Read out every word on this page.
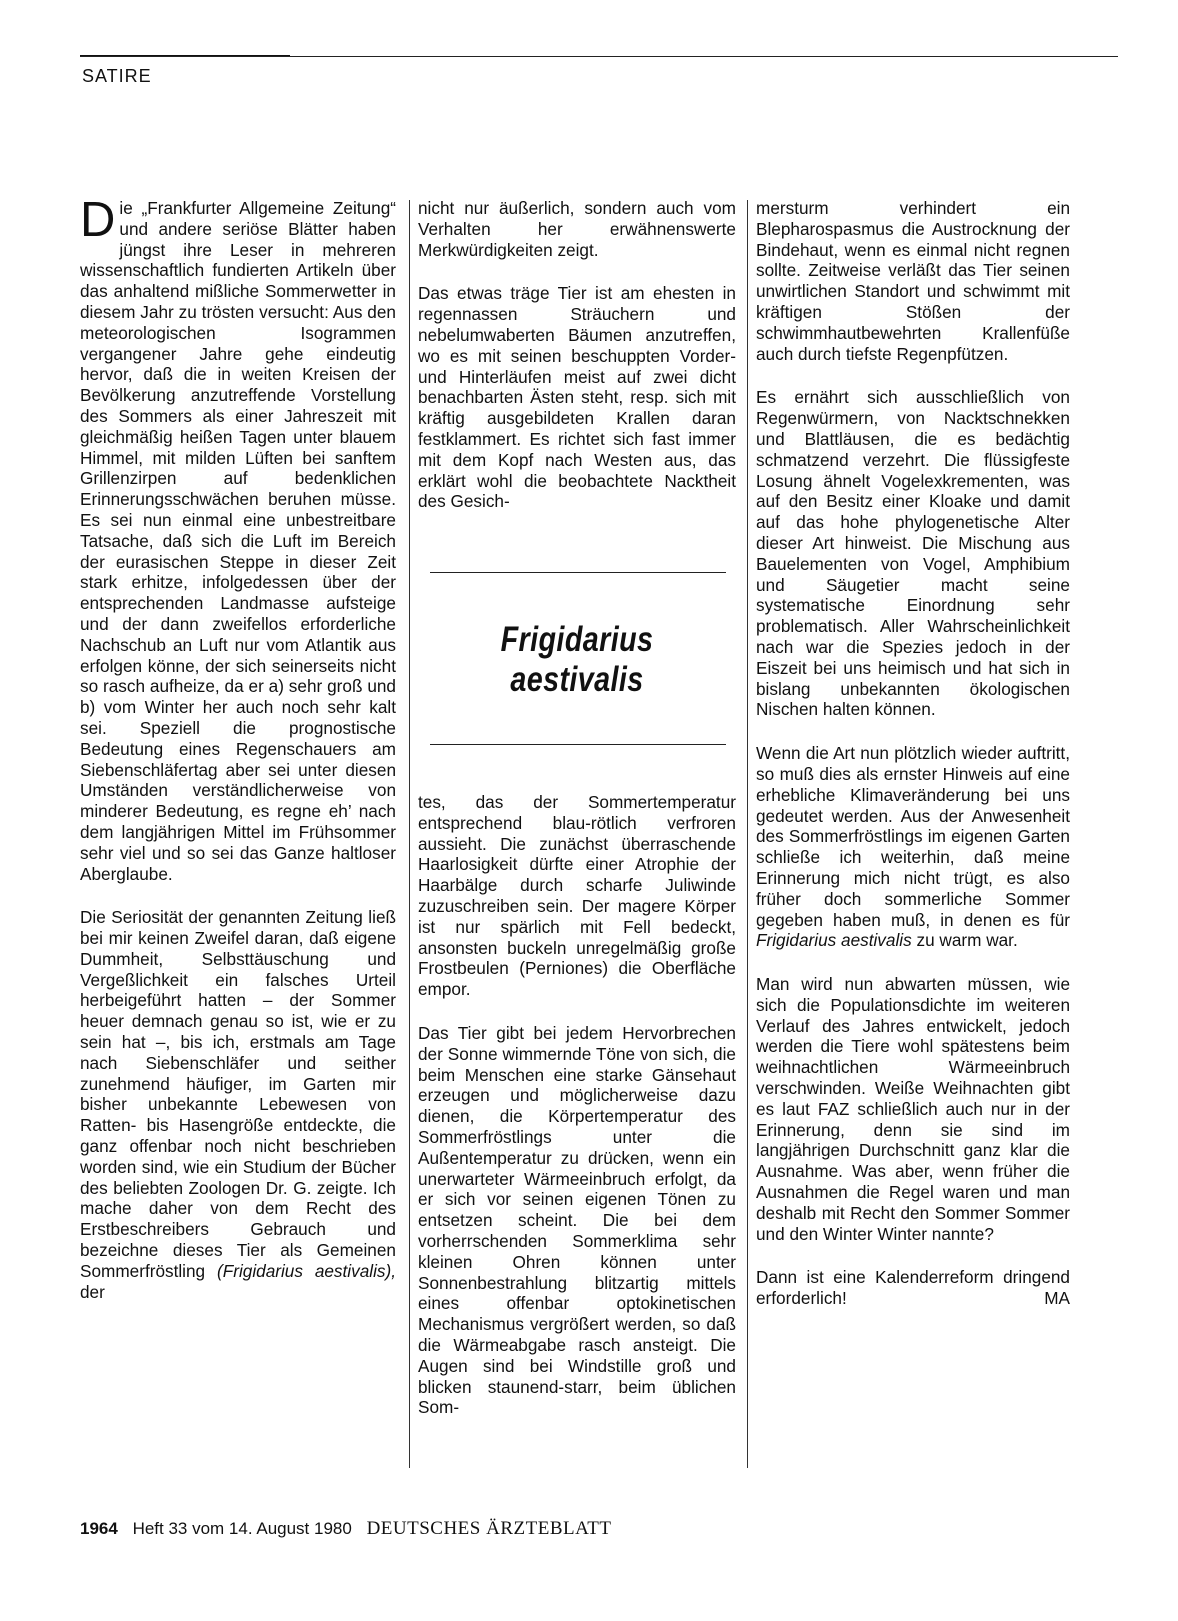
SATIRE

Die „Frankfurter Allgemeine Zeitung“ und andere seriöse Blätter haben jüngst ihre Leser in mehreren wissenschaftlich fundierten Artikeln über das anhaltend mißliche Sommerwetter in diesem Jahr zu trösten versucht: Aus den meteorologischen Isogrammen vergangener Jahre gehe eindeutig hervor, daß die in weiten Kreisen der Bevölkerung anzutreffende Vorstellung des Sommers als einer Jahreszeit mit gleichmäßig heißen Tagen unter blauem Himmel, mit milden Lüften bei sanftem Grillenzirpen auf bedenklichen Erinnerungsschwächen beruhen müsse. Es sei nun einmal eine unbestreitbare Tatsache, daß sich die Luft im Bereich der eurasischen Steppe in dieser Zeit stark erhitze, infolgedessen über der entsprechenden Landmasse aufsteige und der dann zweifellos erforderliche Nachschub an Luft nur vom Atlantik aus erfolgen könne, der sich seinerseits nicht so rasch aufheize, da er a) sehr groß und b) vom Winter her auch noch sehr kalt sei. Speziell die prognostische Bedeutung eines Regenschauers am Siebenschläfertag aber sei unter diesen Umständen verständlicherweise von minderer Bedeutung, es regne eh’ nach dem langjährigen Mittel im Frühsommer sehr viel und so sei das Ganze haltloser Aberglaube.

Die Seriosität der genannten Zeitung ließ bei mir keinen Zweifel daran, daß eigene Dummheit, Selbsttäuschung und Vergeßlichkeit ein falsches Urteil herbeigeführt hatten – der Sommer heuer demnach genau so ist, wie er zu sein hat –, bis ich, erstmals am Tage nach Siebenschläfer und seither zunehmend häufiger, im Garten mir bisher unbekannte Lebewesen von Ratten- bis Hasengröße entdeckte, die ganz offenbar noch nicht beschrieben worden sind, wie ein Studium der Bücher des beliebten Zoologen Dr. G. zeigte. Ich mache daher von dem Recht des Erstbeschreibers Gebrauch und bezeichne dieses Tier als Gemeinen Sommerfröstling (Frigidarius aestivalis), der

nicht nur äußerlich, sondern auch vom Verhalten her erwähnenswerte Merkwürdigkeiten zeigt.

Das etwas träge Tier ist am ehesten in regennassen Sträuchern und nebelumwaberten Bäumen anzutreffen, wo es mit seinen beschuppten Vorder- und Hinterläufen meist auf zwei dicht benachbarten Ästen steht, resp. sich mit kräftig ausgebildeten Krallen daran festklammert. Es richtet sich fast immer mit dem Kopf nach Westen aus, das erklärt wohl die beobachtete Nacktheit des Gesich-

tes, das der Sommertemperatur entsprechend blau-rötlich verfroren aussieht. Die zunächst überraschende Haarlosigkeit dürfte einer Atrophie der Haarbälge durch scharfe Juliwinde zuzuschreiben sein. Der magere Körper ist nur spärlich mit Fell bedeckt, ansonsten buckeln unregelmäßig große Frostbeulen (Perniones) die Oberfläche empor.

Das Tier gibt bei jedem Hervorbrechen der Sonne wimmernde Töne von sich, die beim Menschen eine starke Gänsehaut erzeugen und möglicherweise dazu dienen, die Körpertemperatur des Sommerfröstlings unter die Außentemperatur zu drücken, wenn ein unerwarteter Wärmeeinbruch erfolgt, da er sich vor seinen eigenen Tönen zu entsetzen scheint. Die bei dem vorherrschenden Sommerklima sehr kleinen Ohren können unter Sonnenbestrahlung blitzartig mittels eines offenbar optokinetischen Mechanismus vergrößert werden, so daß die Wärmeabgabe rasch ansteigt. Die Augen sind bei Windstille groß und blicken staunend-starr, beim üblichen Som-

Frigidarius
aestivalis

mersturm verhindert ein Blepharospasmus die Austrocknung der Bindehaut, wenn es einmal nicht regnen sollte. Zeitweise verläßt das Tier seinen unwirtlichen Standort und schwimmt mit kräftigen Stößen der schwimmhautbewehrten Krallenfüße auch durch tiefste Regenpfützen.

Es ernährt sich ausschließlich von Regenwürmern, von Nacktschnekken und Blattläusen, die es bedächtig schmatzend verzehrt. Die flüssigfeste Losung ähnelt Vogelexkrementen, was auf den Besitz einer Kloake und damit auf das hohe phylogenetische Alter dieser Art hinweist. Die Mischung aus Bauelementen von Vogel, Amphibium und Säugetier macht seine systematische Einordnung sehr problematisch. Aller Wahrscheinlichkeit nach war die Spezies jedoch in der Eiszeit bei uns heimisch und hat sich in bislang unbekannten ökologischen Nischen halten können.

Wenn die Art nun plötzlich wieder auftritt, so muß dies als ernster Hinweis auf eine erhebliche Klimaveränderung bei uns gedeutet werden. Aus der Anwesenheit des Sommerfröstlings im eigenen Garten schließe ich weiterhin, daß meine Erinnerung mich nicht trügt, es also früher doch sommerliche Sommer gegeben haben muß, in denen es für Frigidarius aestivalis zu warm war.

Man wird nun abwarten müssen, wie sich die Populationsdichte im weiteren Verlauf des Jahres entwickelt, jedoch werden die Tiere wohl spätestens beim weihnachtlichen Wärmeeinbruch verschwinden. Weiße Weihnachten gibt es laut FAZ schließlich auch nur in der Erinnerung, denn sie sind im langjährigen Durchschnitt ganz klar die Ausnahme. Was aber, wenn früher die Ausnahmen die Regel waren und man deshalb mit Recht den Sommer Sommer und den Winter Winter nannte?

Dann ist eine Kalenderreform dringend erforderlich!	MA

1964 Heft 33 vom 14. August 1980 DEUTSCHES ÄRZTEBLATT
